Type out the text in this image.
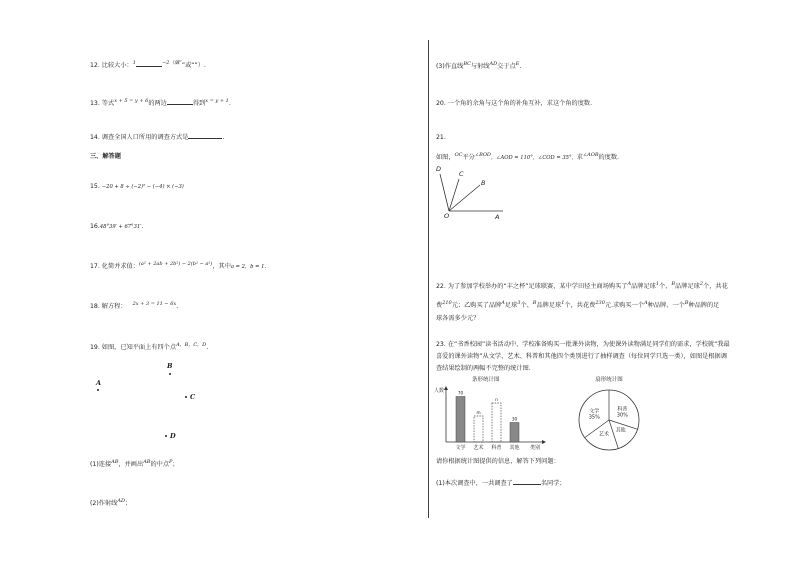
12. 比较大小：$^1$	$^{-2(填“}$”或“”）.
13. 等式$^{x + 5 = y + 6}$的两边	得到$^{x = y + 1}$.
14. 调查全国人口所用的调查方式是	.
三、解答题
15. −20 + 8 ÷ (−2)² − (−4) × (−3)
16.48°39′ + 67°31′.
17. 化简并求值：$^{(a^2 + 2ab + 2b^2) - 2(b^2 - a^2)}$，其中a = 2，b = 1.
18. 解方程： $^{2x + 3 = 11 - 6x}$.
19. 如图，已知平面上有四个点$^{A,B,C,D}$.
B
A
C
D
(1)连接$^{AB}$，并画出$^{AB}$的中点$^P$；
(2)作射线$^{AD}$；
(3)作直线$^{BC}$与射线$^{AD}$交于点$^E$.
20. 一个角的余角与这个角的补角互补，求这个角的度数.
21.
如图，$^{OC}$平分$^{\angle BOD}$，∠AOD = 110°，∠COD = 35°，求$^{\angle AOB}$的度数.
D
C
B
O	A
22. 为了参加学校举办的“丰之杯”足球联赛，某中学田径主商场购买了$^A$品牌足球$^1$个、$^B$品牌足球$^2$个，共花
费$^{210}$元；乙购买了品牌$^A$足球$^3$个、$^B$品牌足球$^1$个，共花费$^{230}$元.求购买一个$^A$种品牌、一个$^B$种品牌的足
球各需多少元？
23. 在“书香校园”读书活动中，学校准备购买一批课外读物，为使课外读物满足同学们的需求，学校就“我最
喜爱的课外读物”从文学、艺术、科普和其他四个类别进行了抽样调查（每位同学只选一类），如图是根据调
查结果绘制的两幅不完整的统计图.
条形统计图
人数
类别
70
文学
m
艺术
n
科普
30
其他
扇形统计图
文学
35%
科普
30%
其他
艺术
请你根据统计图提供的信息，解答下列问题：
(1)本次调查中，一共调查了	名同学；
